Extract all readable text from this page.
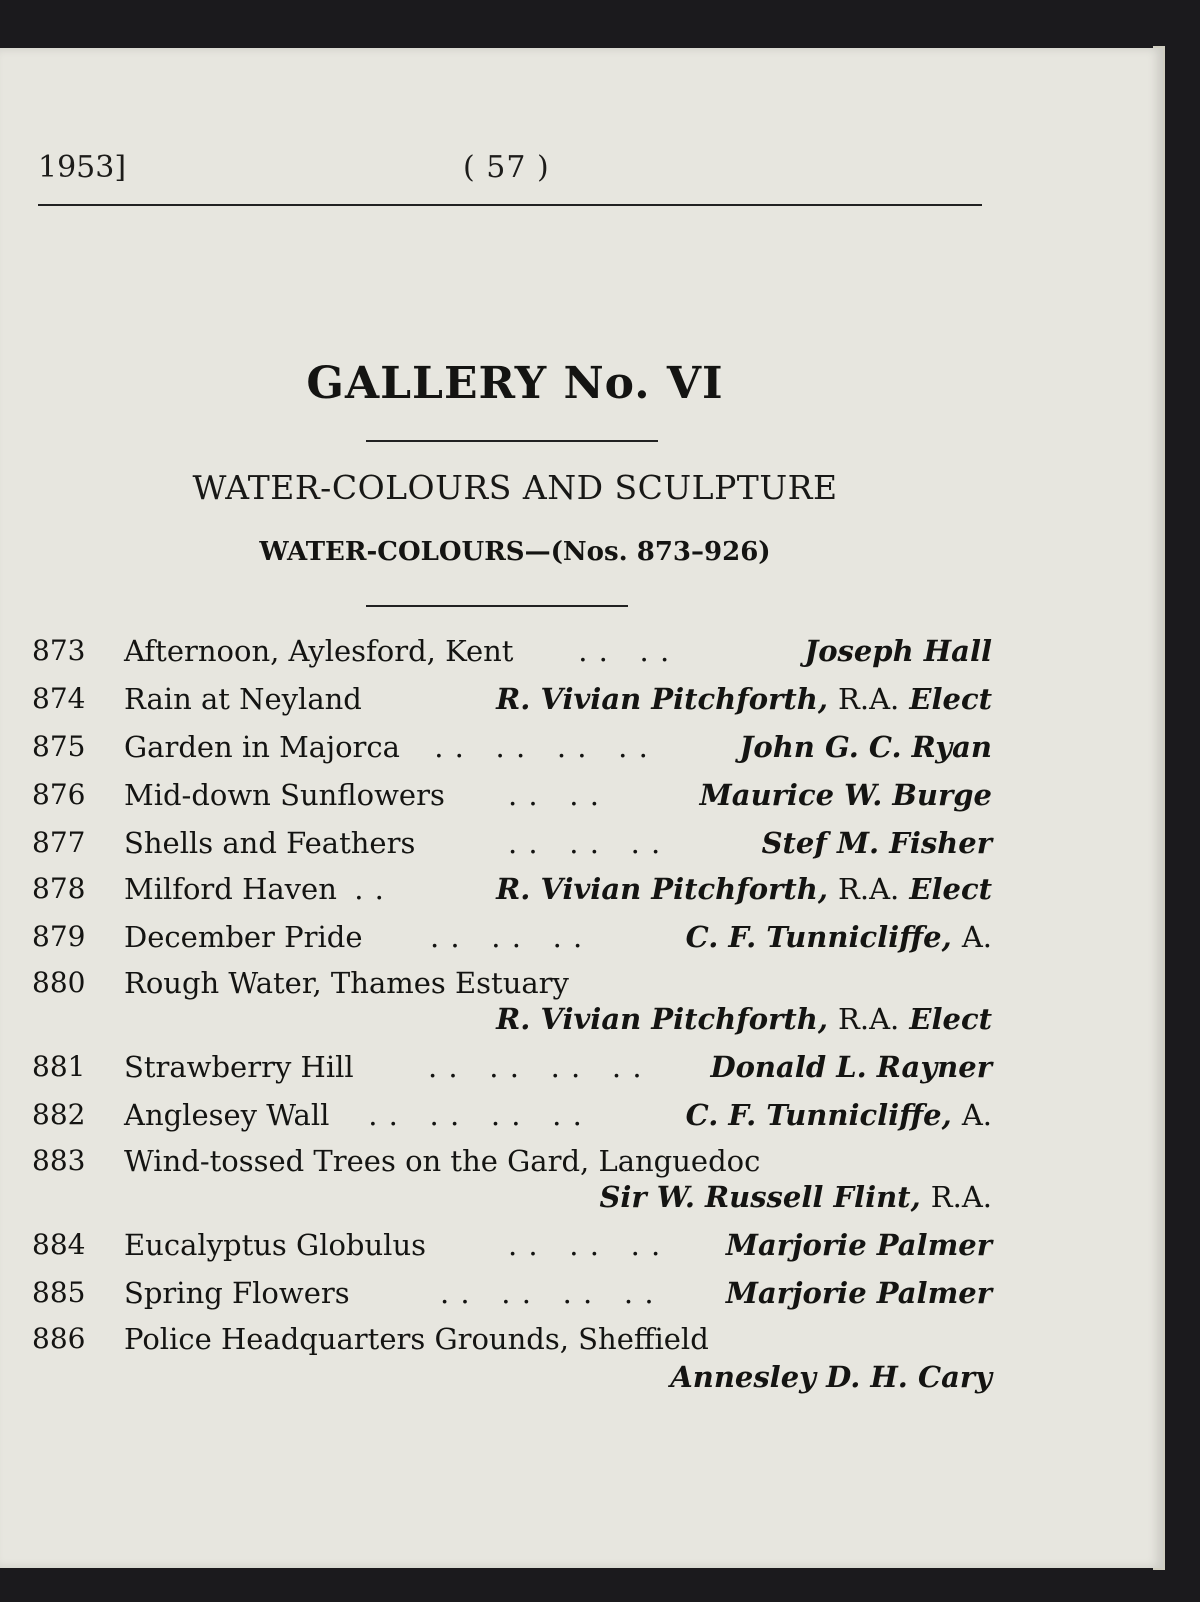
1953]	( 57 )
GALLERY No. VI
WATER-COLOURS AND SCULPTURE
WATER-COLOURS—(Nos. 873–926)
873 Afternoon, Aylesford, Kent . .   . .	Joseph Hall
874 Rain at Neyland	R. Vivian Pitchforth, R.A. Elect
875 Garden in Majorca . .   . .   . .   . .	John G. C. Ryan
876 Mid-down Sunflowers . .   . .	Maurice W. Burge
877 Shells and Feathers	. .   . .   . .	Stef M. Fisher
878 Milford Haven . .	R. Vivian Pitchforth, R.A. Elect
879 December Pride . .   . .   . .	C. F. Tunnicliffe, A.
880 Rough Water, Thames Estuary
R. Vivian Pitchforth, R.A. Elect
881 Strawberry Hill	. .   . .   . .   . . Donald L. Rayner
882 Anglesey Wall . .   . .   . .   . .	C. F. Tunnicliffe, A.
883 Wind-tossed Trees on the Gard, Languedoc
Sir W. Russell Flint, R.A.
884 Eucalyptus Globulus	. .   . .   . . Marjorie Palmer
885 Spring Flowers	. .   . .   . .   . . Marjorie Palmer
886 Police Headquarters Grounds, Sheffield
Annesley D. H. Cary
